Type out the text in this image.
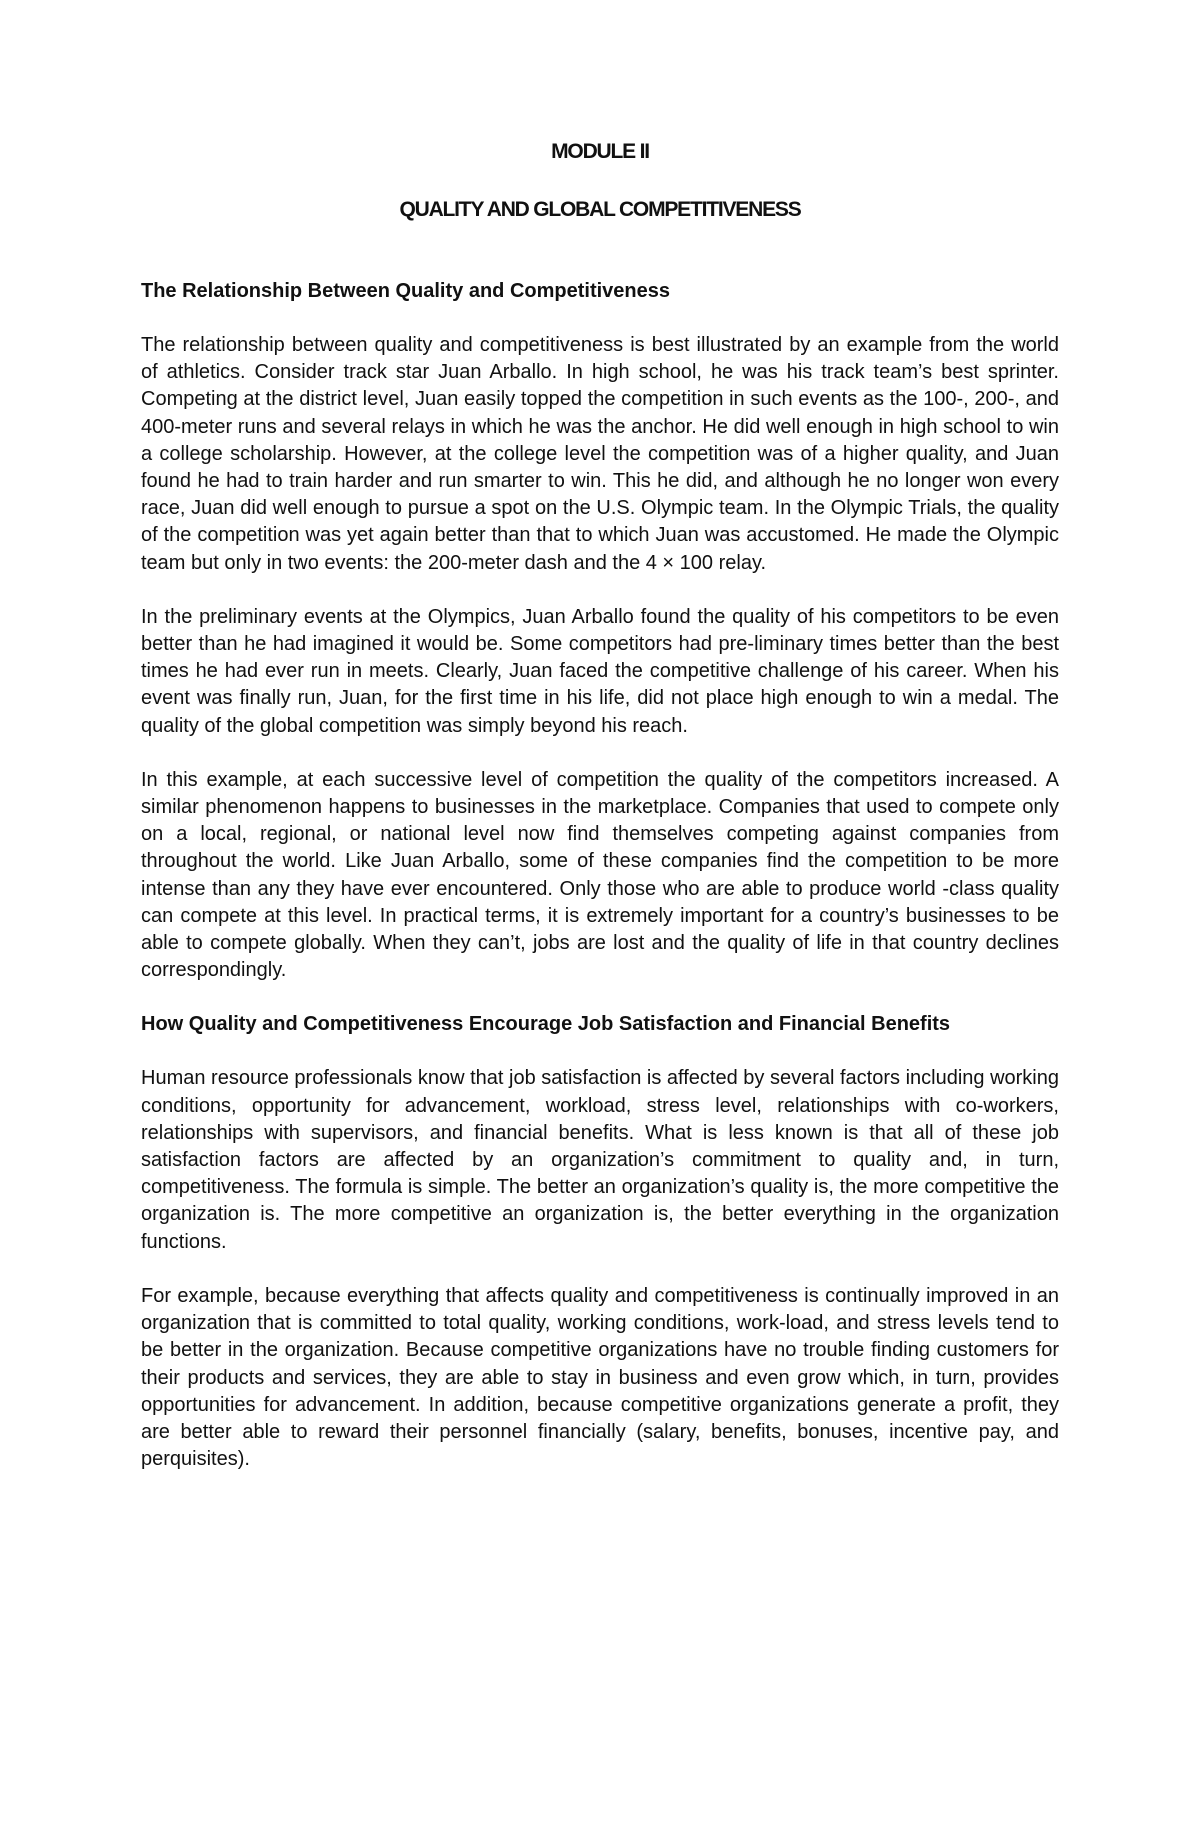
MODULE II
QUALITY AND GLOBAL COMPETITIVENESS
The Relationship Between Quality and Competitiveness

The relationship between quality and competitiveness is best illustrated by an example from the world of athletics. Consider track star Juan Arballo. In high school, he was his track team’s best sprinter. Competing at the district level, Juan easily topped the competition in such events as the 100-, 200-, and 400-meter runs and several relays in which he was the anchor. He did well enough in high school to win a college scholarship. However, at the college level the competition was of a higher quality, and Juan found he had to train harder and run smarter to win. This he did, and although he no longer won every race, Juan did well enough to pursue a spot on the U.S. Olympic team. In the Olympic Trials, the quality of the competition was yet again better than that to which Juan was accustomed. He made the Olympic team but only in two events: the 200-meter dash and the 4 × 100 relay.

In the preliminary events at the Olympics, Juan Arballo found the quality of his competitors to be even better than he had imagined it would be. Some competitors had pre-liminary times better than the best times he had ever run in meets. Clearly, Juan faced the competitive challenge of his career. When his event was finally run, Juan, for the first time in his life, did not place high enough to win a medal. The quality of the global competition was simply beyond his reach.

In this example, at each successive level of competition the quality of the competitors increased. A similar phenomenon happens to businesses in the marketplace. Companies that used to compete only on a local, regional, or national level now find themselves competing against companies from throughout the world. Like Juan Arballo, some of these companies find the competition to be more intense than any they have ever encountered. Only those who are able to produce world -class quality can compete at this level. In practical terms, it is extremely important for a country’s businesses to be able to compete globally. When they can’t, jobs are lost and the quality of life in that country declines correspondingly.

How Quality and Competitiveness Encourage Job Satisfaction and Financial Benefits

Human resource professionals know that job satisfaction is affected by several factors including working conditions, opportunity for advancement, workload, stress level, relationships with co-workers, relationships with supervisors, and financial benefits. What is less known is that all of these job satisfaction factors are affected by an organization’s commitment to quality and, in turn, competitiveness. The formula is simple. The better an organization’s quality is, the more competitive the organization is. The more competitive an organization is, the better everything in the organization functions.

For example, because everything that affects quality and competitiveness is continually improved in an organization that is committed to total quality, working conditions, work-load, and stress levels tend to be better in the organization. Because competitive organizations have no trouble finding customers for their products and services, they are able to stay in business and even grow which, in turn, provides opportunities for advancement. In addition, because competitive organizations generate a profit, they are better able to reward their personnel financially (salary, benefits, bonuses, incentive pay, and perquisites).
